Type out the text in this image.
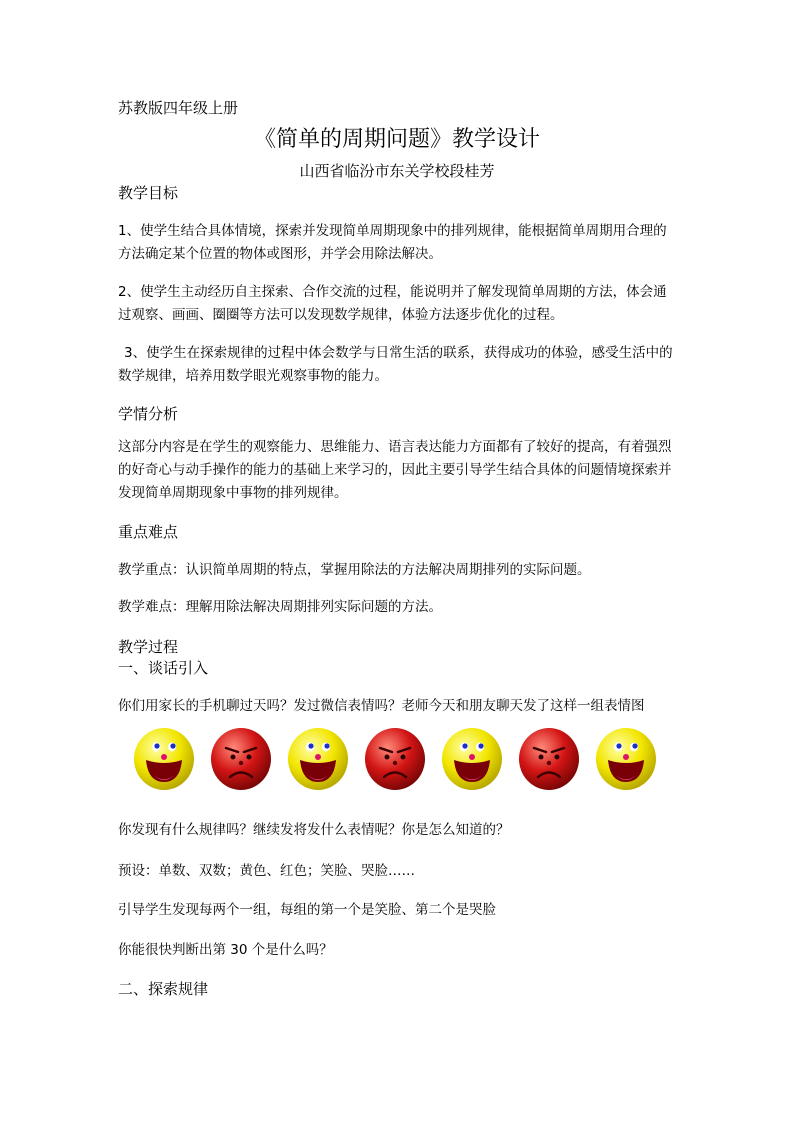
苏教版四年级上册

《简单的周期问题》教学设计

山西省临汾市东关学校段桂芳

教学目标

1、使学生结合具体情境，探索并发现简单周期现象中的排列规律，能根据简单周期用合理的方法确定某个位置的物体或图形，并学会用除法解决。

2、使学生主动经历自主探索、合作交流的过程，能说明并了解发现简单周期的方法，体会通过观察、画画、圈圈等方法可以发现数学规律，体验方法逐步优化的过程。

3、使学生在探索规律的过程中体会数学与日常生活的联系，获得成功的体验，感受生活中的数学规律，培养用数学眼光观察事物的能力。

学情分析

这部分内容是在学生的观察能力、思维能力、语言表达能力方面都有了较好的提高，有着强烈的好奇心与动手操作的能力的基础上来学习的，因此主要引导学生结合具体的问题情境探索并发现简单周期现象中事物的排列规律。

重点难点

教学重点：认识简单周期的特点，掌握用除法的方法解决周期排列的实际问题。

教学难点：理解用除法解决周期排列实际问题的方法。

教学过程
一、谈话引入

你们用家长的手机聊过天吗？发过微信表情吗？老师今天和朋友聊天发了这样一组表情图

你发现有什么规律吗？继续发将发什么表情呢？你是怎么知道的？

预设：单数、双数；黄色、红色；笑脸、哭脸……

引导学生发现每两个一组，每组的第一个是笑脸、第二个是哭脸

你能很快判断出第 30 个是什么吗？

二、探索规律
